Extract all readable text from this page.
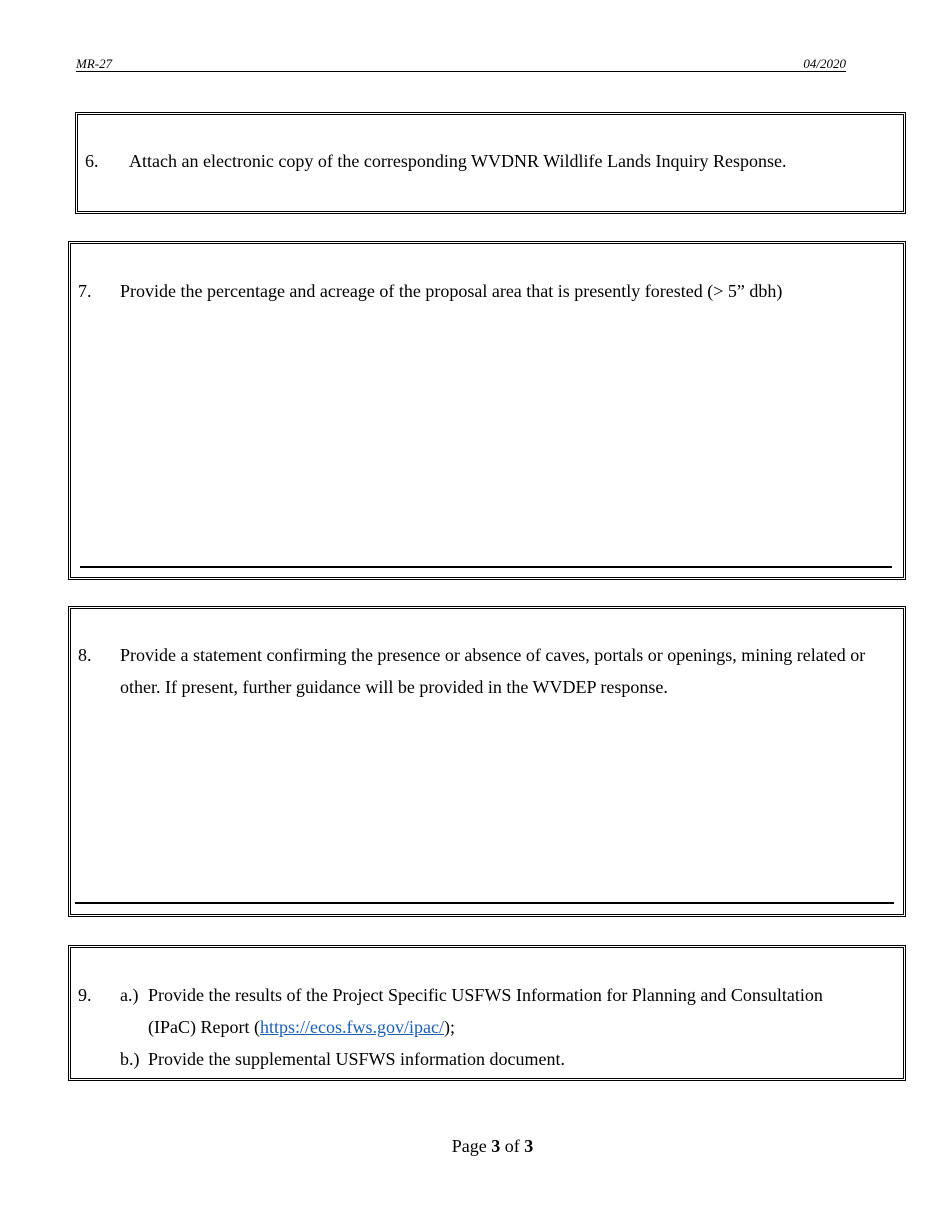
MR-27	04/2020
6. Attach an electronic copy of the corresponding WVDNR Wildlife Lands Inquiry Response.
7. Provide the percentage and acreage of the proposal area that is presently forested (> 5” dbh)
8. Provide a statement confirming the presence or absence of caves, portals or openings, mining related or
other. If present, further guidance will be provided in the WVDEP response.
9. a.) Provide the results of the Project Specific USFWS Information for Planning and Consultation
(IPaC) Report (https://ecos.fws.gov/ipac/);
b.) Provide the supplemental USFWS information document.
Page 3 of 3
